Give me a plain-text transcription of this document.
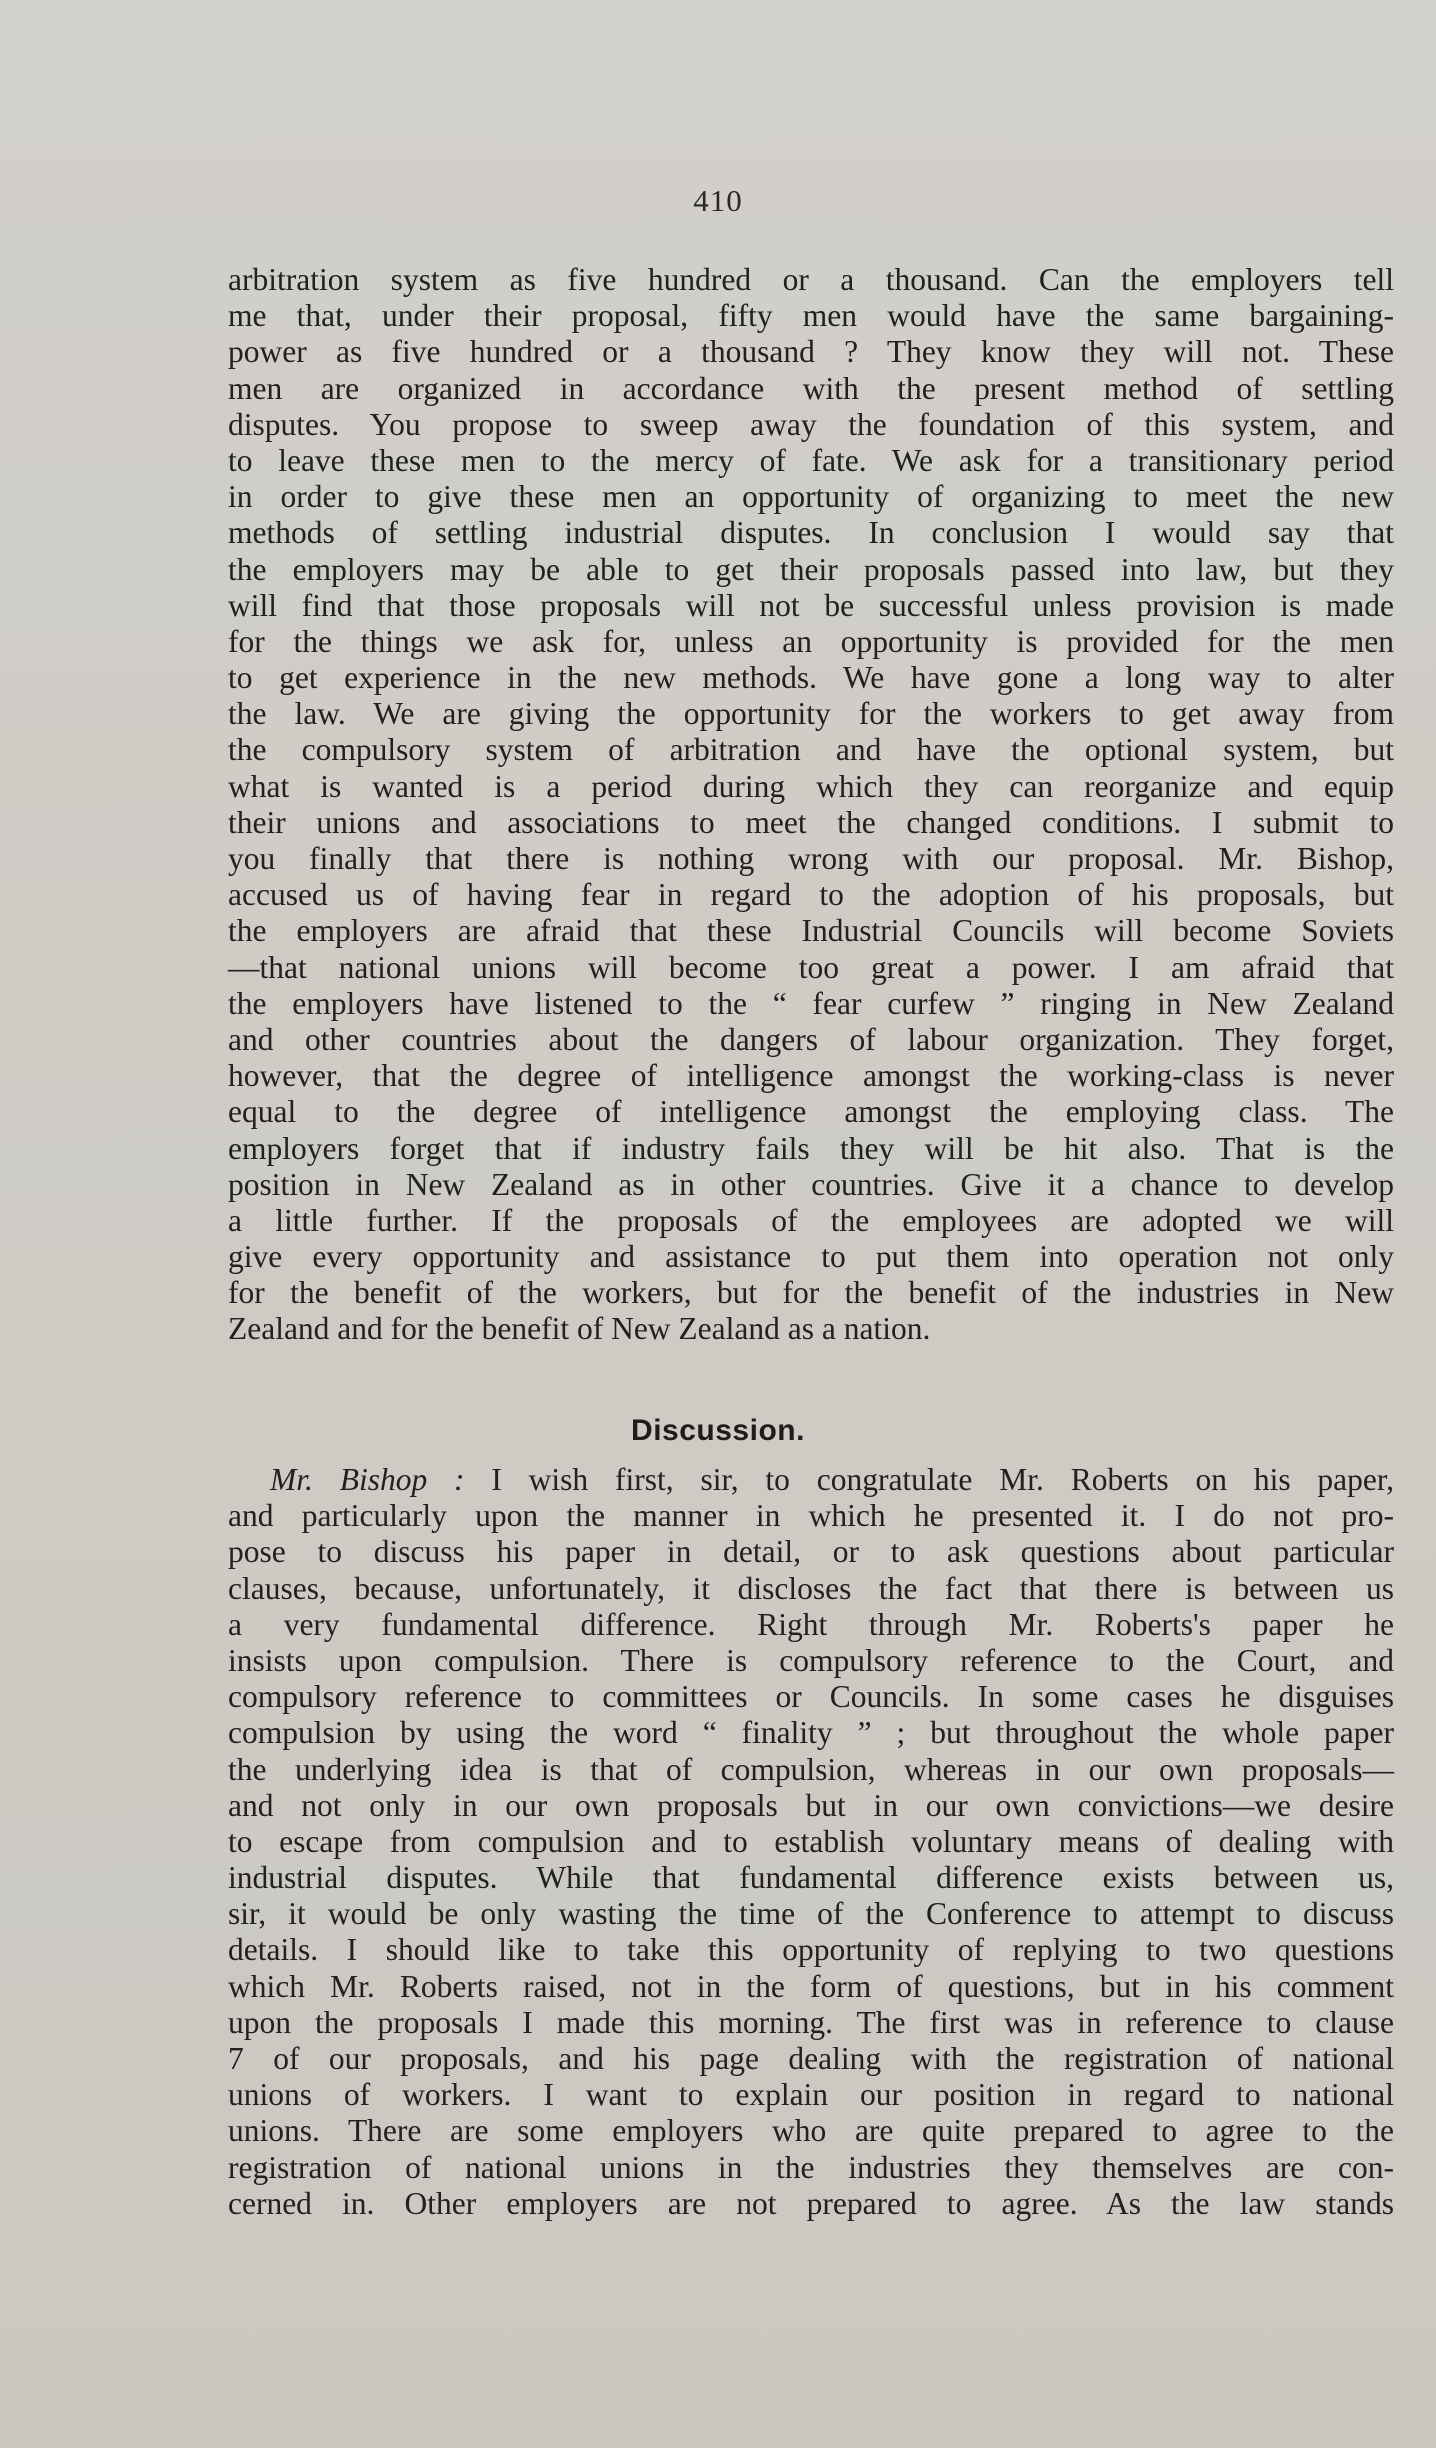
410
arbitration system as five hundred or a thousand. Can the employers tell
me that, under their proposal, fifty men would have the same bargaining-
power as five hundred or a thousand ? They know they will not. These
men are organized in accordance with the present method of settling
disputes. You propose to sweep away the foundation of this system, and
to leave these men to the mercy of fate. We ask for a transitionary period
in order to give these men an opportunity of organizing to meet the new
methods of settling industrial disputes. In conclusion I would say that
the employers may be able to get their proposals passed into law, but they
will find that those proposals will not be successful unless provision is made
for the things we ask for, unless an opportunity is provided for the men
to get experience in the new methods. We have gone a long way to alter
the law. We are giving the opportunity for the workers to get away from
the compulsory system of arbitration and have the optional system, but
what is wanted is a period during which they can reorganize and equip
their unions and associations to meet the changed conditions. I submit to
you finally that there is nothing wrong with our proposal. Mr. Bishop,
accused us of having fear in regard to the adoption of his proposals, but
the employers are afraid that these Industrial Councils will become Soviets
—that national unions will become too great a power. I am afraid that
the employers have listened to the “ fear curfew ” ringing in New Zealand
and other countries about the dangers of labour organization. They forget,
however, that the degree of intelligence amongst the working-class is never
equal to the degree of intelligence amongst the employing class. The
employers forget that if industry fails they will be hit also. That is the
position in New Zealand as in other countries. Give it a chance to develop
a little further. If the proposals of the employees are adopted we will
give every opportunity and assistance to put them into operation not only
for the benefit of the workers, but for the benefit of the industries in New
Zealand and for the benefit of New Zealand as a nation.
Discussion.
Mr. Bishop : I wish first, sir, to congratulate Mr. Roberts on his paper,
and particularly upon the manner in which he presented it. I do not pro-
pose to discuss his paper in detail, or to ask questions about particular
clauses, because, unfortunately, it discloses the fact that there is between us
a very fundamental difference. Right through Mr. Roberts's paper he
insists upon compulsion. There is compulsory reference to the Court, and
compulsory reference to committees or Councils. In some cases he disguises
compulsion by using the word “ finality ” ; but throughout the whole paper
the underlying idea is that of compulsion, whereas in our own proposals—
and not only in our own proposals but in our own convictions—we desire
to escape from compulsion and to establish voluntary means of dealing with
industrial disputes. While that fundamental difference exists between us,
sir, it would be only wasting the time of the Conference to attempt to discuss
details. I should like to take this opportunity of replying to two questions
which Mr. Roberts raised, not in the form of questions, but in his comment
upon the proposals I made this morning. The first was in reference to clause
7 of our proposals, and his page dealing with the registration of national
unions of workers. I want to explain our position in regard to national
unions. There are some employers who are quite prepared to agree to the
registration of national unions in the industries they themselves are con-
cerned in. Other employers are not prepared to agree. As the law stands
